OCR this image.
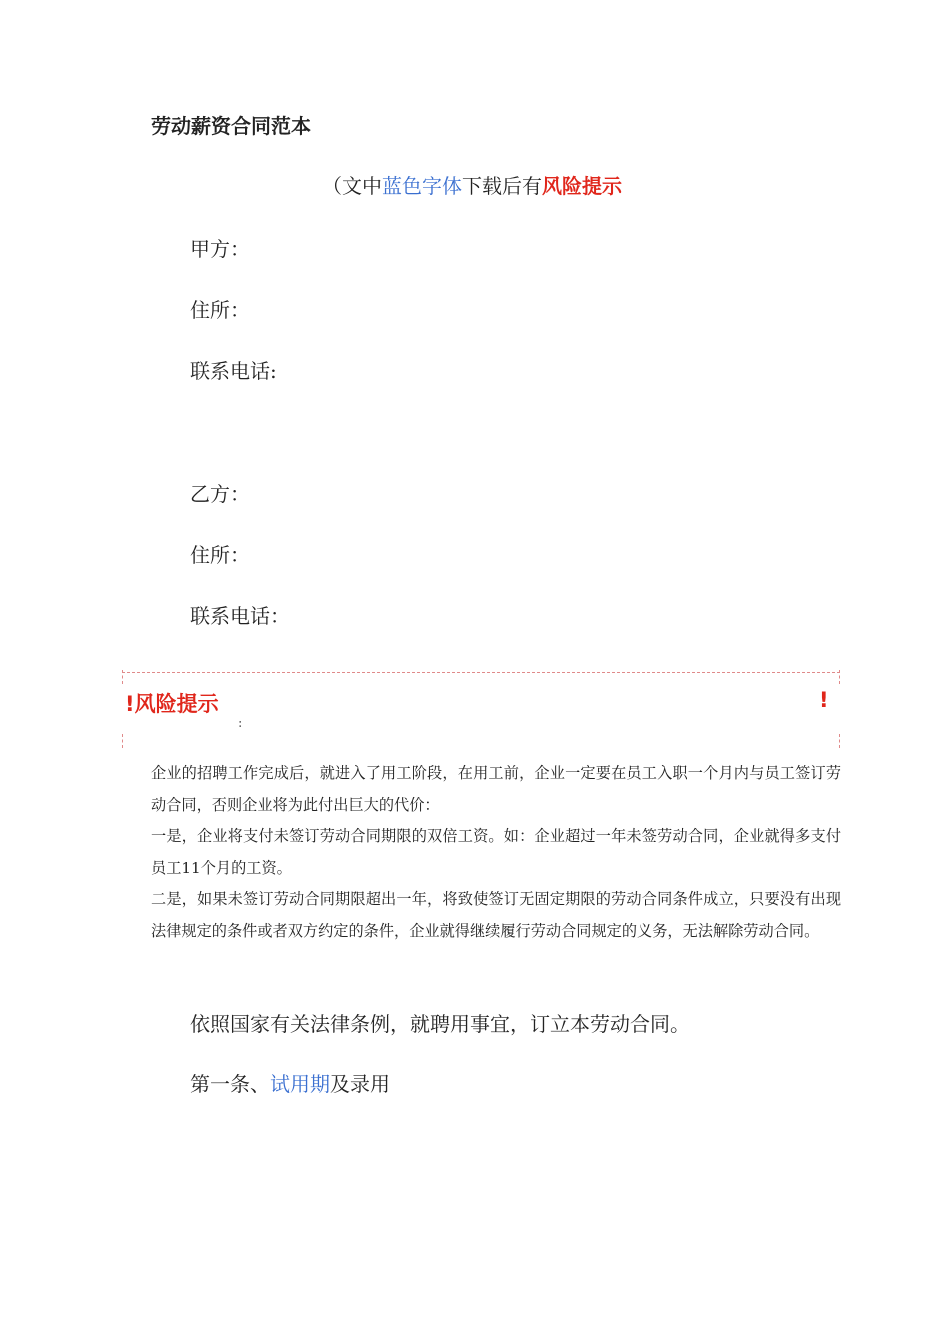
劳动薪资合同范本
（文中蓝色字体下载后有风险提示
甲方：
住所：
联系电话:
乙方：
住所：
联系电话：
!风险提示	!
:

企业的招聘工作完成后，就进入了用工阶段，在用工前，企业一定要在员工入职一个月内与员工签订劳动合同，否则企业将为此付出巨大的代价：

一是，企业将支付未签订劳动合同期限的双倍工资。如：企业超过一年未签劳动合同，企业就得多支付员工11个月的工资。

二是，如果未签订劳动合同期限超出一年，将致使签订无固定期限的劳动合同条件成立，只要没有出现法律规定的条件或者双方约定的条件，企业就得继续履行劳动合同规定的义务，无法解除劳动合同。

依照国家有关法律条例，就聘用事宜，订立本劳动合同。
第一条、试用期及录用
